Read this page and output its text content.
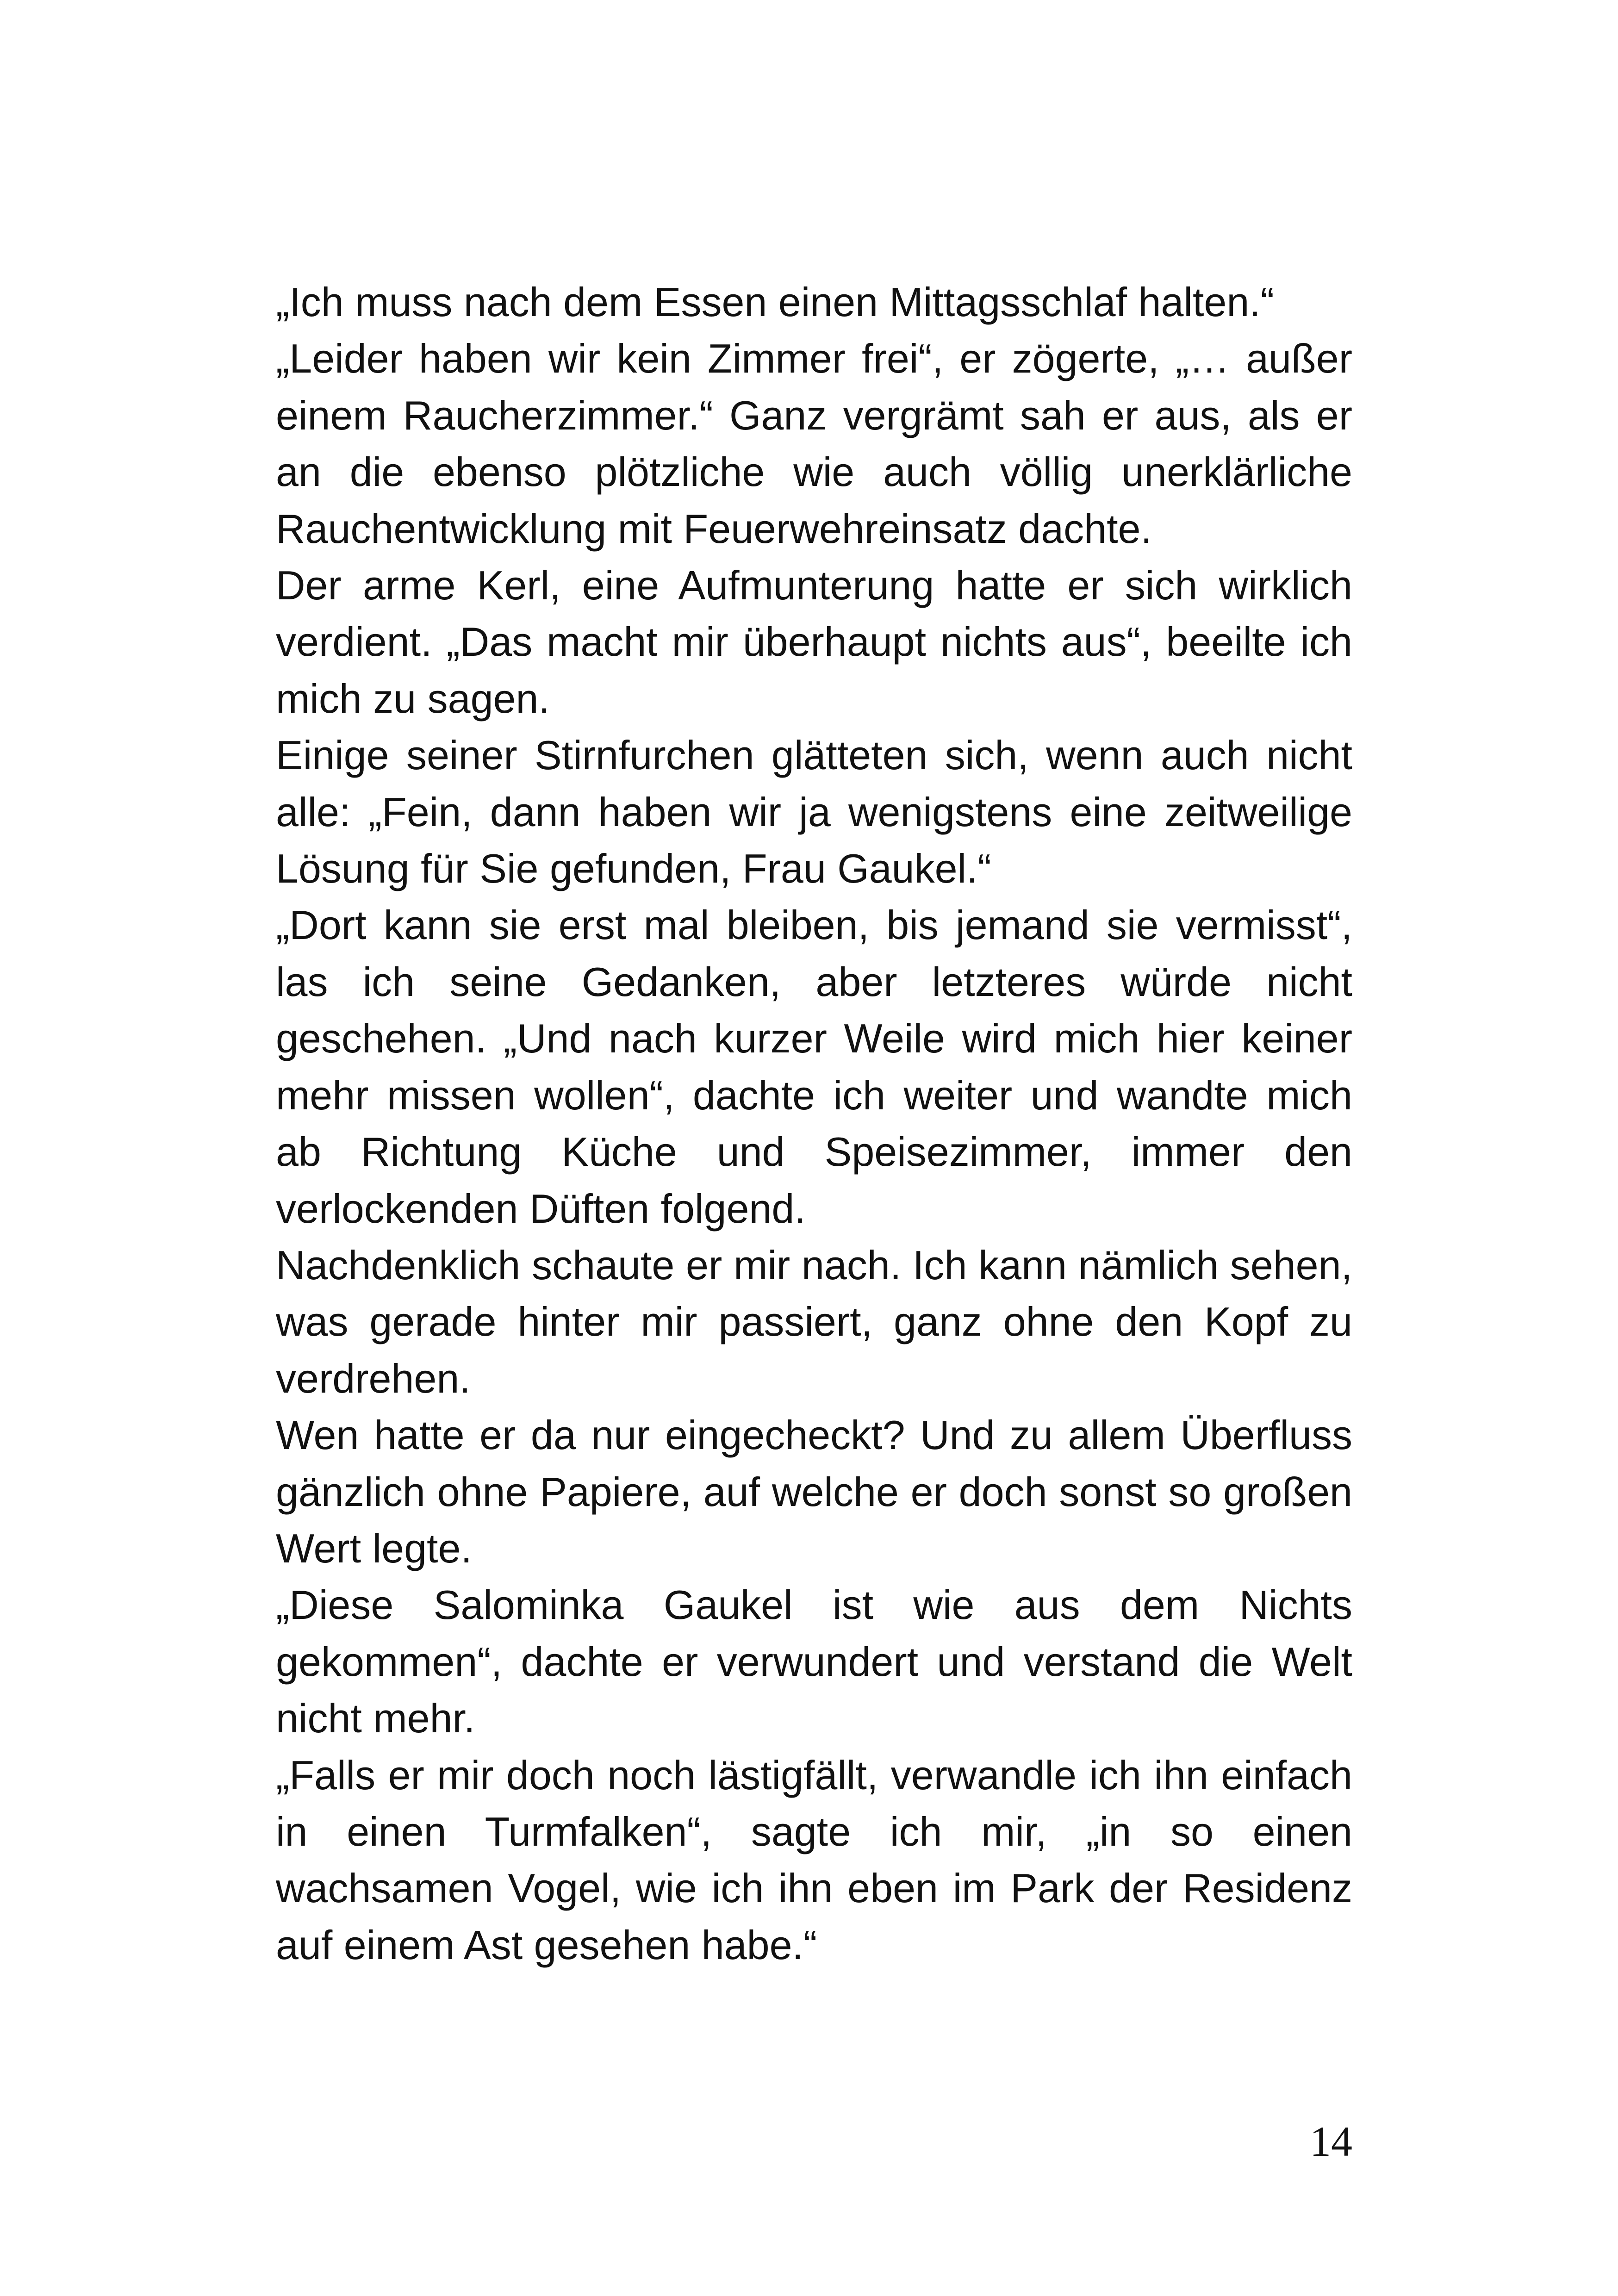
„Ich muss nach dem Essen einen Mittagsschlaf halten.“

„Leider haben wir kein Zimmer frei“, er zögerte, „… außer einem Raucherzimmer.“ Ganz vergrämt sah er aus, als er an die ebenso plötzliche wie auch völlig unerklärliche Rauchentwicklung mit Feuerwehreinsatz dachte.

Der arme Kerl, eine Aufmunterung hatte er sich wirklich verdient. „Das macht mir überhaupt nichts aus“, beeilte ich mich zu sagen.

Einige seiner Stirnfurchen glätteten sich, wenn auch nicht alle: „Fein, dann haben wir ja wenigstens eine zeitweilige Lösung für Sie gefunden, Frau Gaukel.“

„Dort kann sie erst mal bleiben, bis jemand sie vermisst“, las ich seine Gedanken, aber letzteres würde nicht geschehen. „Und nach kurzer Weile wird mich hier keiner mehr missen wollen“, dachte ich weiter und wandte mich ab Richtung Küche und Speisezimmer, immer den verlockenden Düften folgend.

Nachdenklich schaute er mir nach. Ich kann nämlich sehen, was gerade hinter mir passiert, ganz ohne den Kopf zu verdrehen.

Wen hatte er da nur eingecheckt? Und zu allem Überfluss gänzlich ohne Papiere, auf welche er doch sonst so großen Wert legte.

„Diese Salominka Gaukel ist wie aus dem Nichts gekommen“, dachte er verwundert und verstand die Welt nicht mehr.

„Falls er mir doch noch lästigfällt, verwandle ich ihn einfach in einen Turmfalken“, sagte ich mir, „in so einen wachsamen Vogel, wie ich ihn eben im Park der Residenz auf einem Ast gesehen habe.“

14
